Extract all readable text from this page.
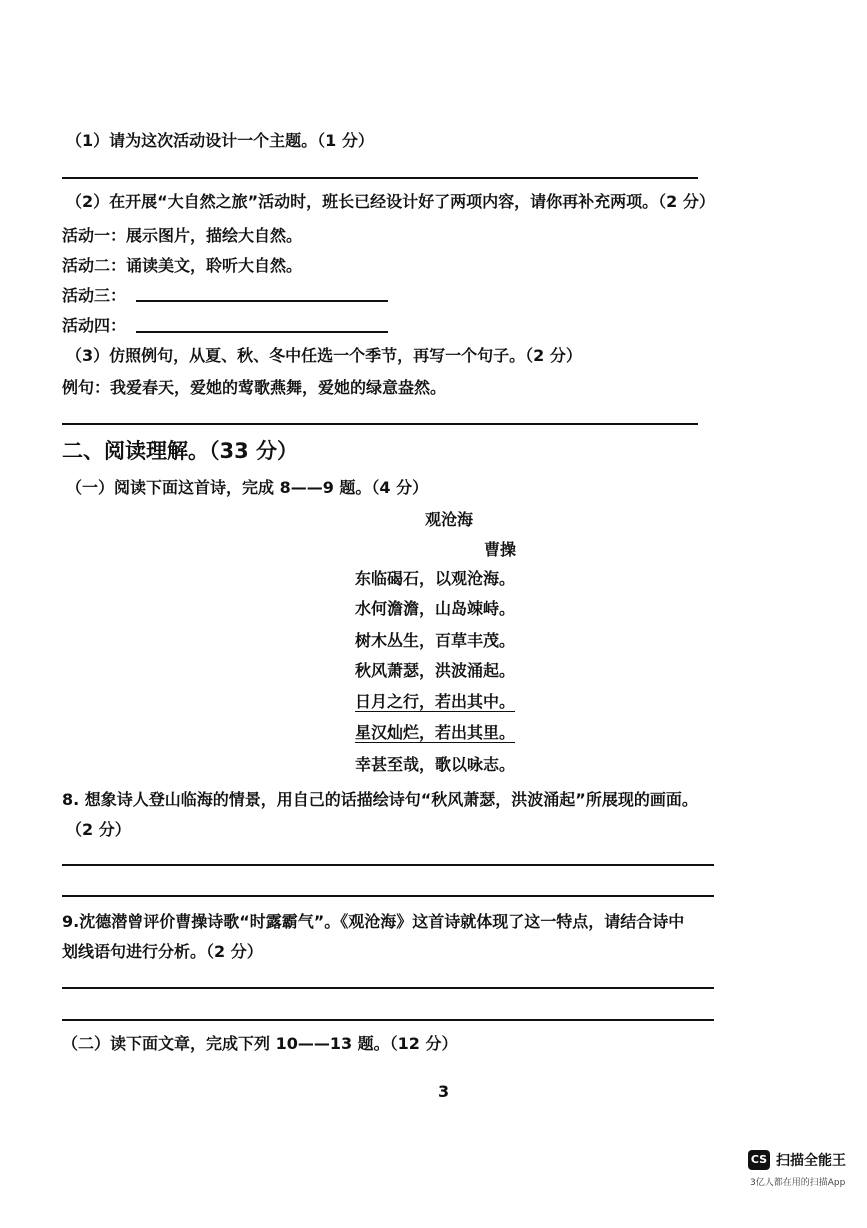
（1）请为这次活动设计一个主题。（1 分）
（2）在开展“大自然之旅”活动时，班长已经设计好了两项内容，请你再补充两项。（2 分）
活动一：展示图片，描绘大自然。
活动二：诵读美文，聆听大自然。
活动三：
活动四：
（3）仿照例句，从夏、秋、冬中任选一个季节，再写一个句子。（2 分）
例句：我爱春天，爱她的莺歌燕舞，爱她的绿意盎然。
二、阅读理解。（33 分）
（一）阅读下面这首诗，完成 8——9 题。（4 分）
观沧海
曹操
东临碣石，以观沧海。
水何澹澹，山岛竦峙。
树木丛生，百草丰茂。
秋风萧瑟，洪波涌起。
日月之行，若出其中。
星汉灿烂，若出其里。
幸甚至哉，歌以咏志。
8. 想象诗人登山临海的情景，用自己的话描绘诗句“秋风萧瑟，洪波涌起”所展现的画面。
（2 分）
9.沈德潜曾评价曹操诗歌“时露霸气”。《观沧海》这首诗就体现了这一特点，请结合诗中
划线语句进行分析。（2 分）
（二）读下面文章，完成下列 10——13 题。（12 分）
3
CS 扫描全能王
3亿人都在用的扫描App
